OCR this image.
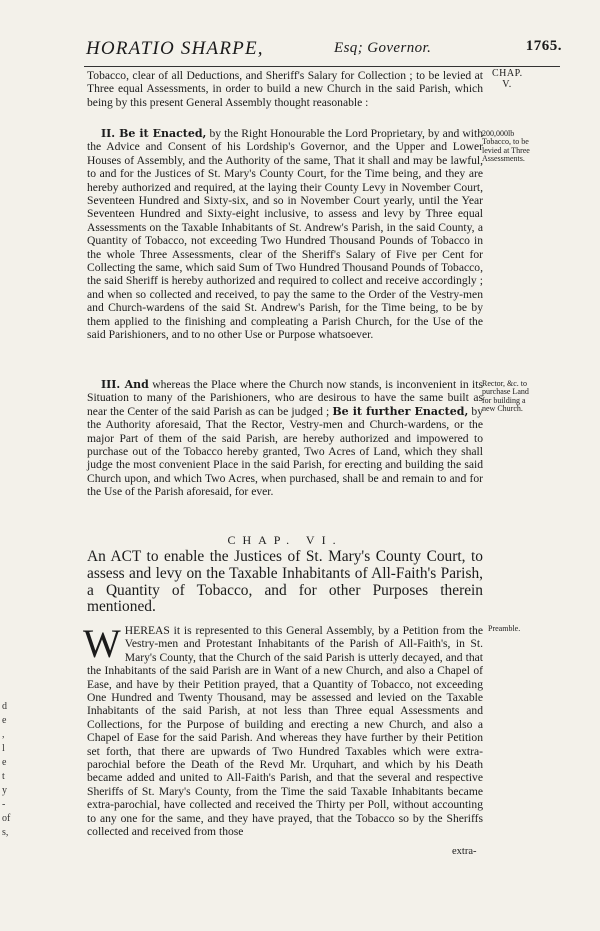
HORATIO SHARPE,	Esq; Governor.	1765.
CHAP. V.
Tobacco, clear of all Deductions, and Sheriff's Salary for Collection ; to be levied at Three equal Assessments, in order to build a new Church in the said Parish, which being by this present General Assembly thought reasonable :
II. Be it Enacted, by the Right Honourable the Lord Proprietary, by and with the Advice and Consent of his Lordship's Governor, and the Upper and Lower Houses of Assembly, and the Authority of the same, That it shall and may be lawful, to and for the Justices of St. Mary's County Court, for the Time being, and they are hereby authorized and required, at the laying their County Levy in November Court, Seventeen Hundred and Sixty-six, and so in November Court yearly, until the Year Seventeen Hundred and Sixty-eight inclusive, to assess and levy by Three equal Assessments on the Taxable Inhabitants of St. Andrew's Parish, in the said County, a Quantity of Tobacco, not exceeding Two Hundred Thousand Pounds of Tobacco in the whole Three Assessments, clear of the Sheriff's Salary of Five per Cent for Collecting the same, which said Sum of Two Hundred Thousand Pounds of Tobacco, the said Sheriff is hereby authorized and required to collect and receive accordingly ; and when so collected and received, to pay the same to the Order of the Vestry-men and Church-wardens of the said St. Andrew's Parish, for the Time being, to be by them applied to the finishing and compleating a Parish Church, for the Use of the said Parishioners, and to no other Use or Purpose whatsoever.
200,000lb Tobacco, to be levied at Three Assessments.
III. And whereas the Place where the Church now stands, is inconvenient in its Situation to many of the Parishioners, who are desirous to have the same built as near the Center of the said Parish as can be judged ; Be it further Enacted, by the Authority aforesaid, That the Rector, Vestry-men and Church-wardens, or the major Part of them of the said Parish, are hereby authorized and impowered to purchase out of the Tobacco hereby granted, Two Acres of Land, which they shall judge the most convenient Place in the said Parish, for erecting and building the said Church upon, and which Two Acres, when purchased, shall be and remain to and for the Use of the Parish aforesaid, for ever.
Rector, &c. to purchase Land for building a new Church.
CHAP. VI.
An ACT to enable the Justices of St. Mary's County Court, to assess and levy on the Taxable Inhabitants of All-Faith's Parish, a Quantity of Tobacco, and for other Purposes therein mentioned.
W HEREAS it is represented to this General Assembly, by a Petition from the Vestry-men and Protestant Inhabitants of the Parish of All-Faith's, in St. Mary's County, that the Church of the said Parish is utterly decayed, and that the Inhabitants of the said Parish are in Want of a new Church, and also a Chapel of Ease, and have by their Petition prayed, that a Quantity of Tobacco, not exceeding One Hundred and Twenty Thousand, may be assessed and levied on the Taxable Inhabitants of the said Parish, at not less than Three equal Assessments and Collections, for the Purpose of building and erecting a new Church, and also a Chapel of Ease for the said Parish. And whereas they have further by their Petition set forth, that there are upwards of Two Hundred Taxables which were extra-parochial before the Death of the Revd Mr. Urquhart, and which by his Death became added and united to All-Faith's Parish, and that the several and respective Sheriffs of St. Mary's County, from the Time the said Taxable Inhabitants became extra-parochial, have collected and received the Thirty per Poll, without accounting to any one for the same, and they have prayed, that the Tobacco so by the Sheriffs collected and received from those
Preamble.
extra-
d
e
,
l
e
t
y
-
of
s,
